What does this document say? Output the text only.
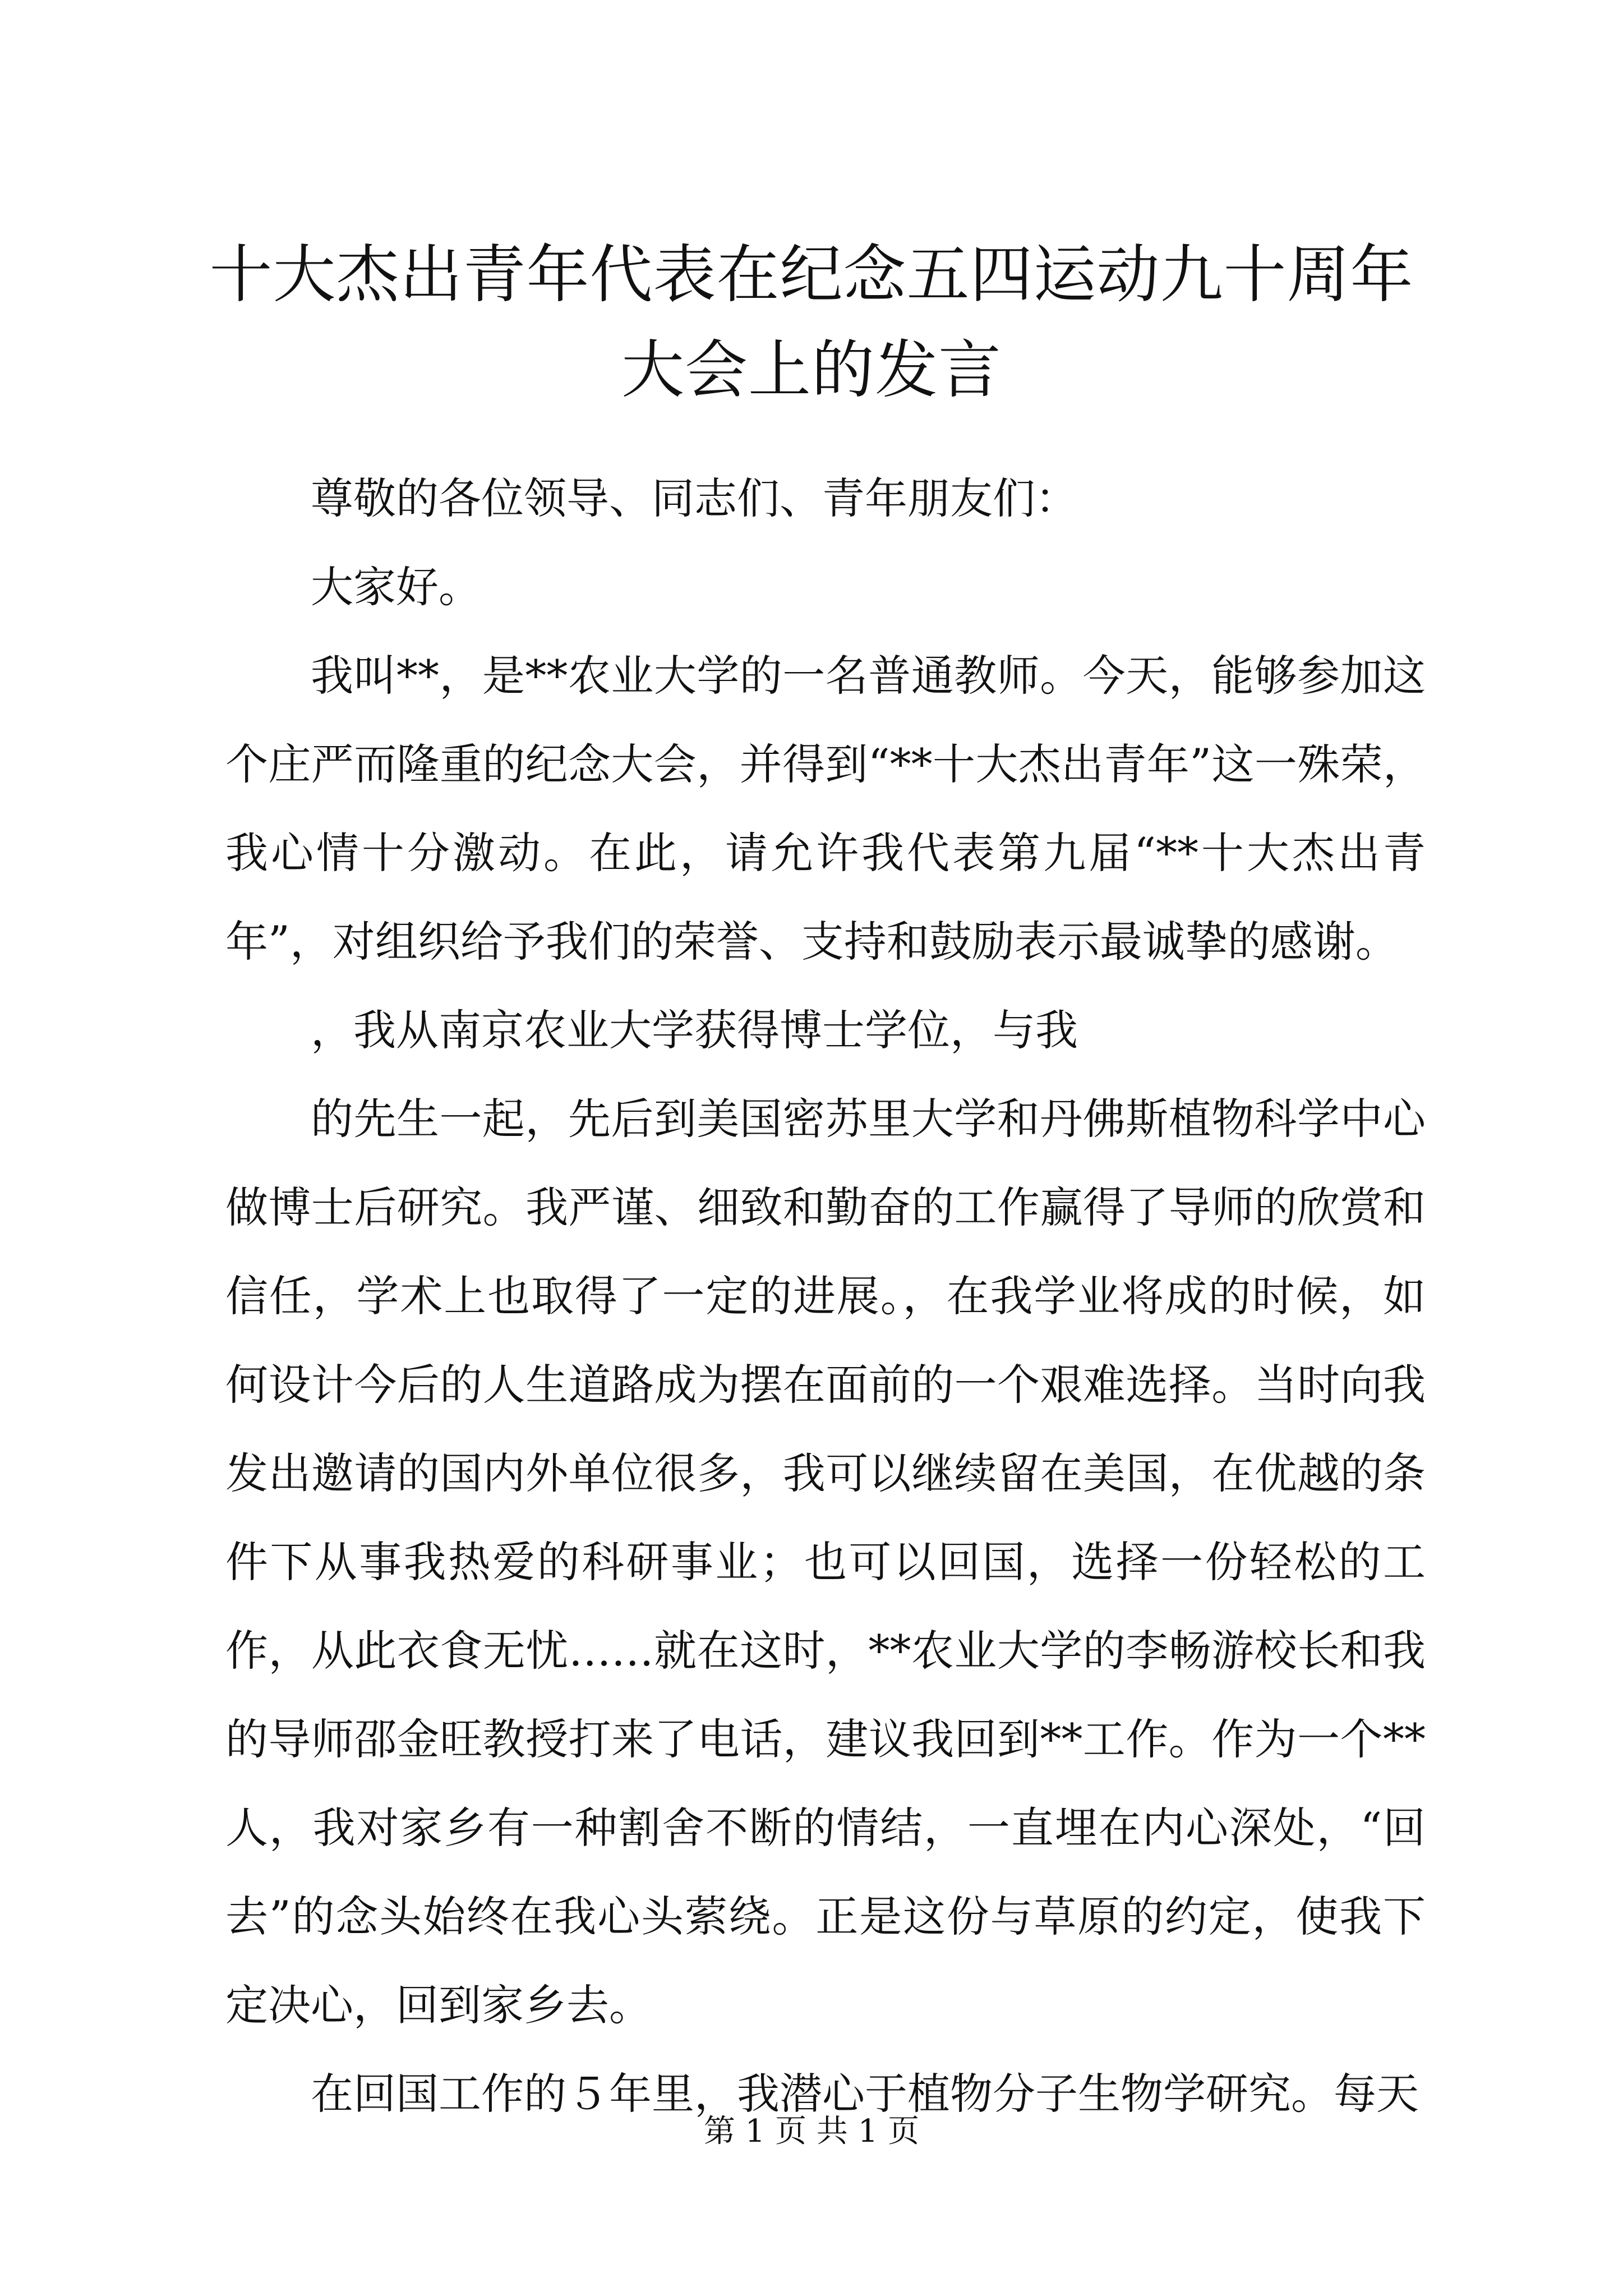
十大杰出青年代表在纪念五四运动九十周年大会上的发言

尊敬的各位领导、同志们、青年朋友们：

大家好。

我叫**，是**农业大学的一名普通教师。今天，能够参加这个庄严而隆重的纪念大会，并得到“**十大杰出青年”这一殊荣，我心情十分激动。在此，请允许我代表第九届“**十大杰出青年”，对组织给予我们的荣誉、支持和鼓励表示最诚挚的感谢。

，我从南京农业大学获得博士学位，与我

的先生一起，先后到美国密苏里大学和丹佛斯植物科学中心做博士后研究。我严谨、细致和勤奋的工作赢得了导师的欣赏和信任，学术上也取得了一定的进展。，在我学业将成的时候，如何设计今后的人生道路成为摆在面前的一个艰难选择。当时向我发出邀请的国内外单位很多，我可以继续留在美国，在优越的条件下从事我热爱的科研事业；也可以回国，选择一份轻松的工作，从此衣食无忧……就在这时，**农业大学的李畅游校长和我的导师邵金旺教授打来了电话，建议我回到**工作。作为一个**人，我对家乡有一种割舍不断的情结，一直埋在内心深处，“回去”的念头始终在我心头萦绕。正是这份与草原的约定，使我下定决心，回到家乡去。

在回国工作的５年里，我潜心于植物分子生物学研究。每天

第 1 页 共 1 页
